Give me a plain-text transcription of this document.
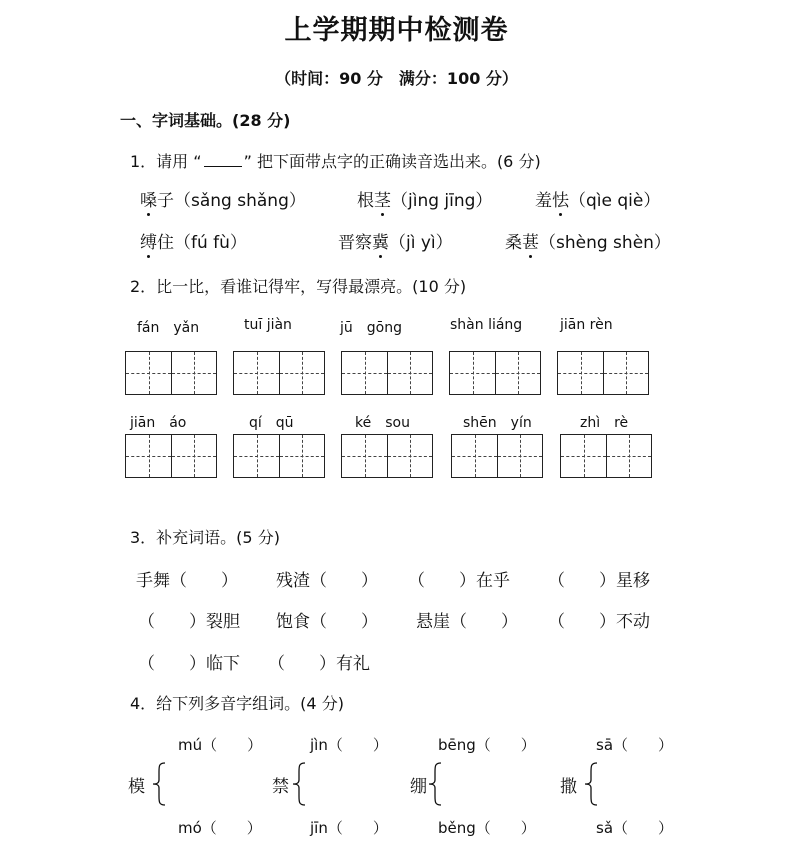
上学期期中检测卷
（时间：90 分　满分：100 分）
一、字词基础。(28 分)
1．请用 “	” 把下面带点字的正确读音选出来。(6 分)
嗓子（sǎng shǎng）	根茎（jìng jīng）	羞怯（qìe qiè）
缚住（fú fù）	晋察冀（jì yì）	桑葚（shèng shèn）
2．比一比，看谁记得牢，写得最漂亮。(10 分)
fán　yǎn	tuī jiàn	jū　gōng	shàn liáng	jiān rèn
jiān　áo	qí　qū	ké　sou	shēn　yín	zhì　rè
3．补充词语。(5 分)
手舞（　　） 残渣（　　） （　　）在乎 （　　）星移
（　　）裂胆 饱食（　　） 悬崖（　　） （　　）不动
（　　）临下 （　　）有礼
4．给下列多音字组词。(4 分)
mú（　　）
模
mó（　　）
jìn（　　）
禁
jīn（　　）
bēng（　　）
绷
běng（　　）
sā（　　）
撒
sǎ（　　）
